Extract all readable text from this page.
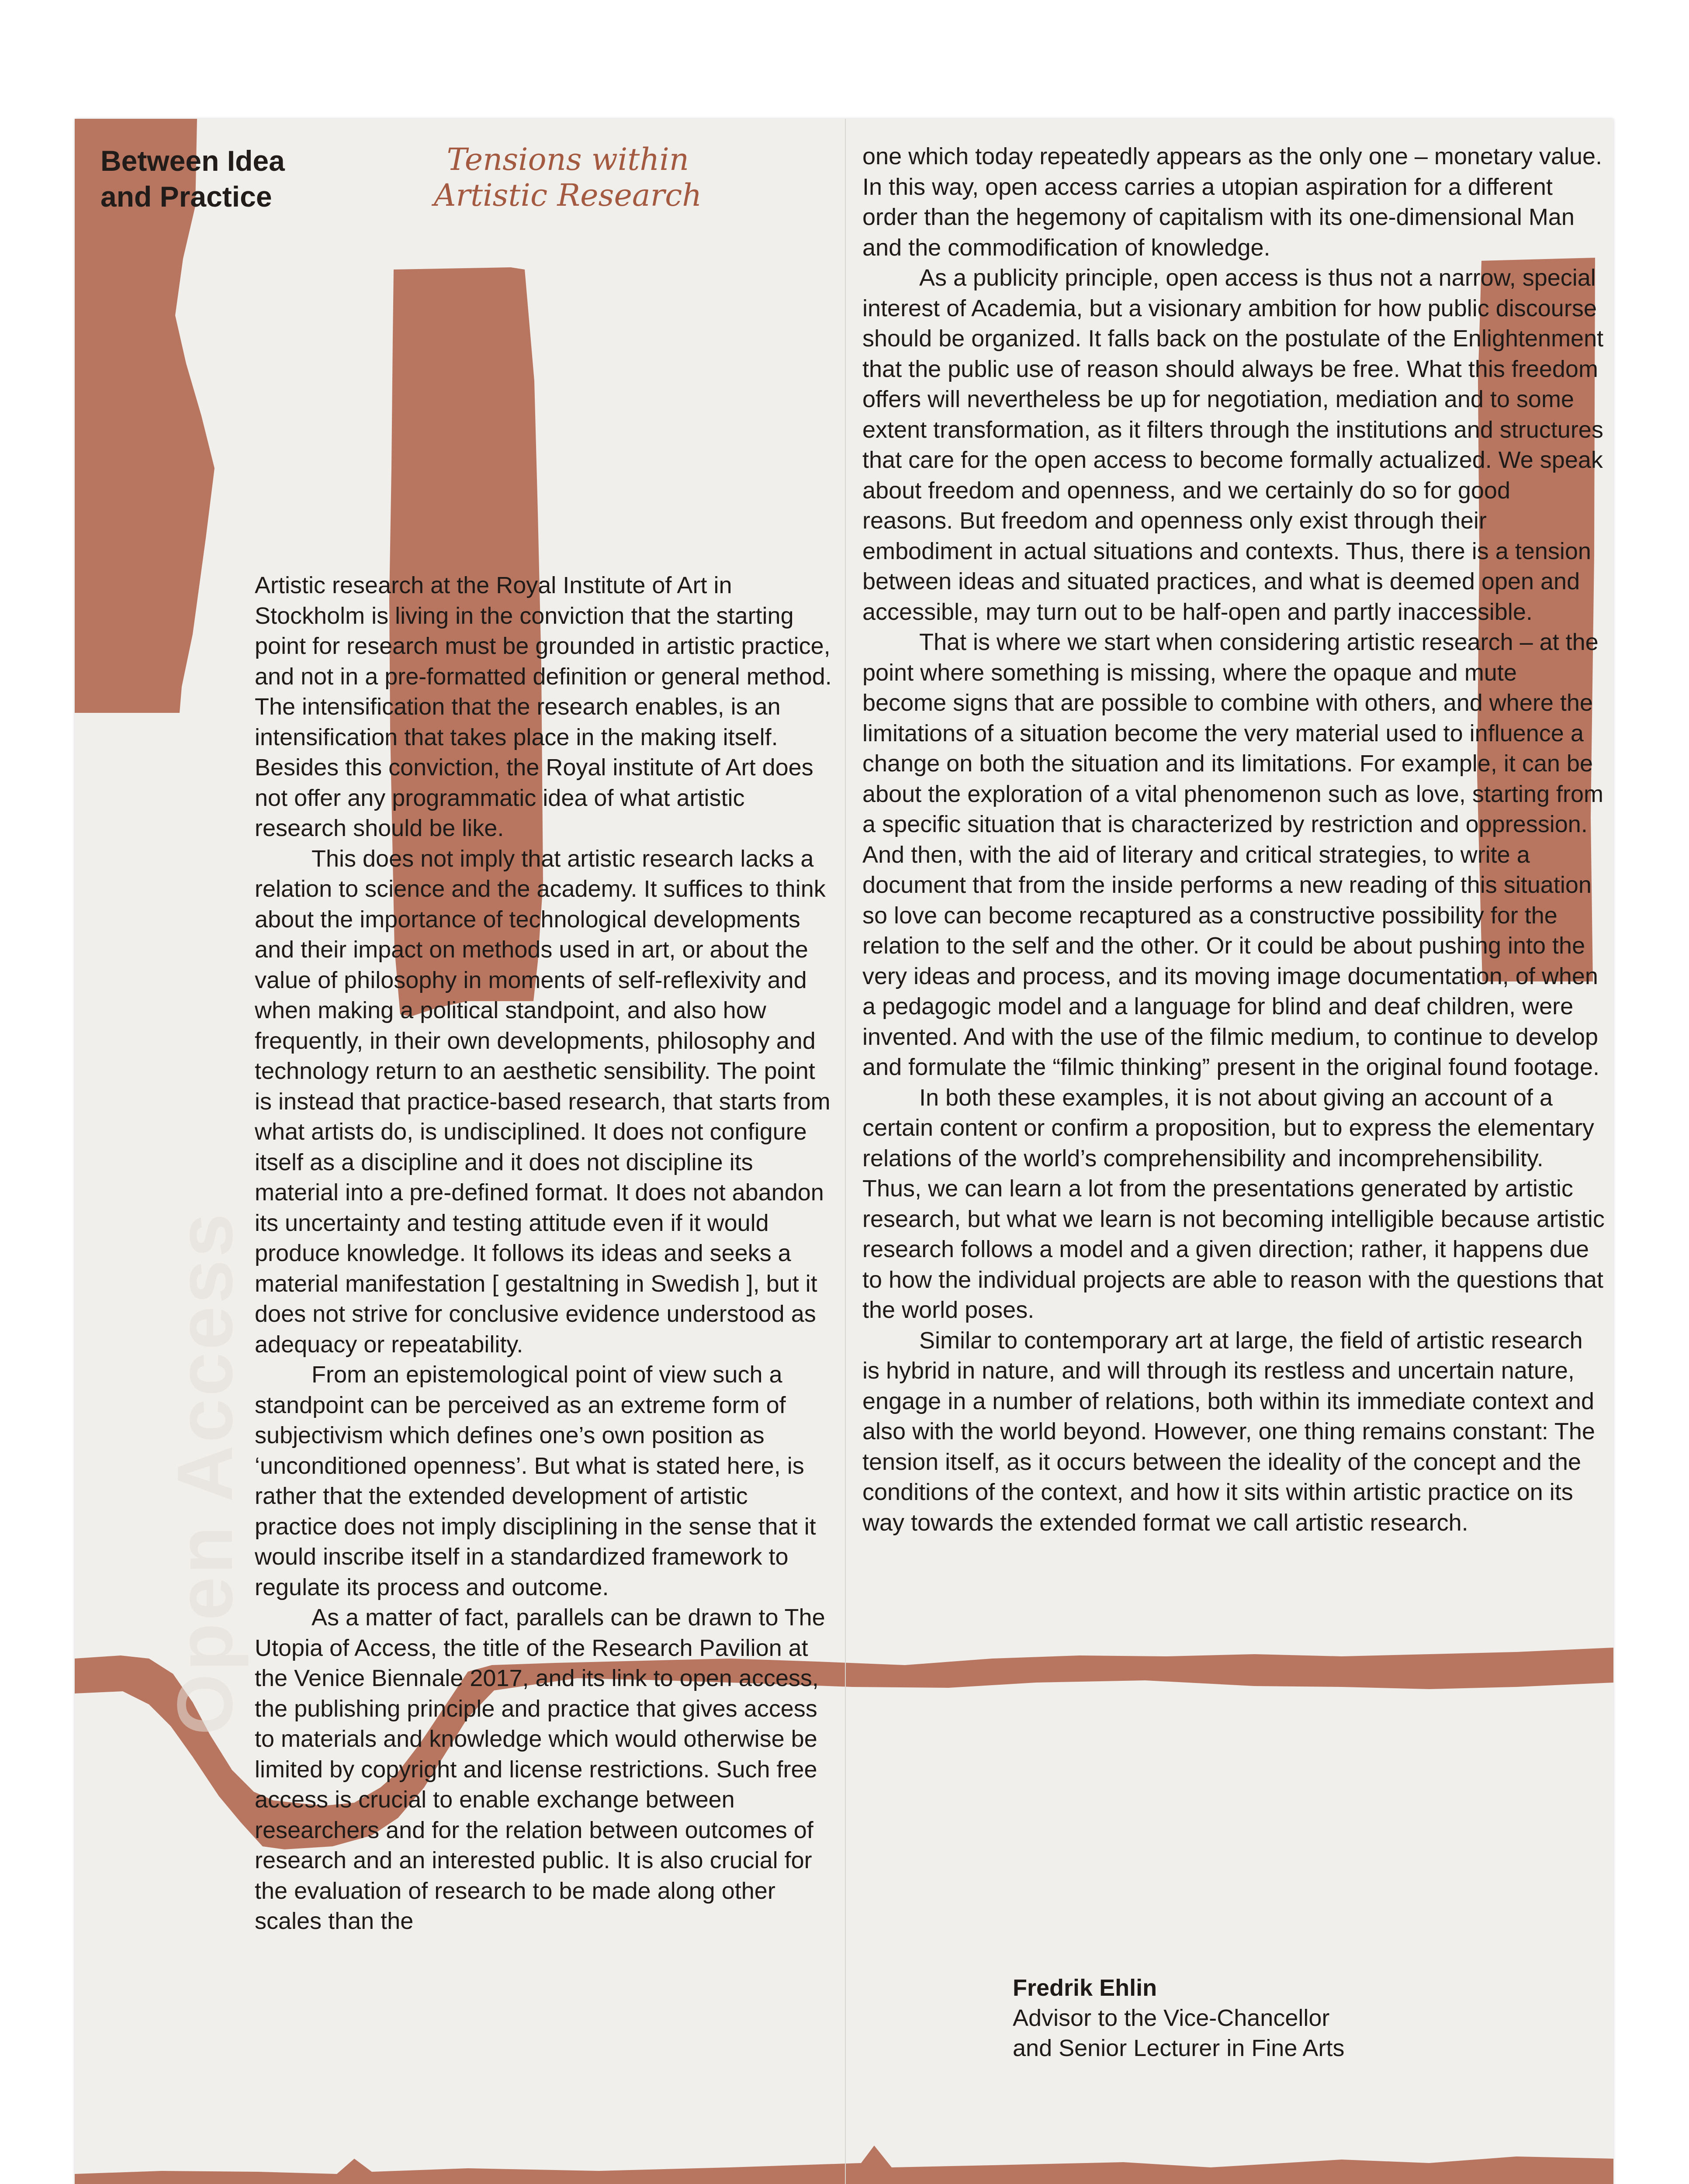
Open Access
Between Idea
and Practice
Tensions within
Artistic Research

Artistic research at the Royal Institute of Art in Stockholm is living in the conviction that the starting point for research must be grounded in artistic practice, and not in a pre-formatted definition or general method. The intensification that the research enables, is an intensification that takes place in the making itself. Besides this conviction, the Royal institute of Art does not offer any programmatic idea of what artistic research should be like.

This does not imply that artistic research lacks a relation to science and the academy. It suffices to think about the importance of technological developments and their impact on methods used in art, or about the value of philosophy in moments of self-reflexivity and when making a political standpoint, and also how frequently, in their own developments, philosophy and technology return to an aesthetic sensibility. The point is instead that practice-based research, that starts from what artists do, is undisciplined. It does not configure itself as a discipline and it does not discipline its material into a pre-defined format. It does not abandon its uncertainty and testing attitude even if it would produce knowledge. It follows its ideas and seeks a material manifestation [ gestaltning in Swedish ], but it does not strive for conclusive evidence understood as adequacy or repeatability.

From an epistemological point of view such a standpoint can be perceived as an extreme form of subjectivism which defines one’s own position as ‘unconditioned openness’. But what is stated here, is rather that the extended development of artistic practice does not imply disciplining in the sense that it would inscribe itself in a standardized framework to regulate its process and outcome.

As a matter of fact, parallels can be drawn to The Utopia of Access, the title of the Research Pavilion at the Venice Biennale 2017, and its link to open access, the publishing principle and practice that gives access to materials and knowledge which would otherwise be limited by copyright and license restrictions. Such free access is crucial to enable exchange between researchers and for the relation between outcomes of research and an interested public. It is also crucial for the evaluation of research to be made along other scales than the

one which today repeatedly appears as the only one – monetary value. In this way, open access carries a utopian aspiration for a different order than the hegemony of capitalism with its one-dimensional Man and the commodification of knowledge.

As a publicity principle, open access is thus not a narrow, special interest of Academia, but a visionary ambition for how public discourse should be organized. It falls back on the postulate of the Enlightenment that the public use of reason should always be free. What this freedom offers will nevertheless be up for negotiation, mediation and to some extent transformation, as it filters through the institutions and structures that care for the open access to become formally actualized. We speak about freedom and openness, and we certainly do so for good reasons. But freedom and openness only exist through their embodiment in actual situations and contexts. Thus, there is a tension between ideas and situated practices, and what is deemed open and accessible, may turn out to be half-open and partly inaccessible.

That is where we start when considering artistic research – at the point where something is missing, where the opaque and mute become signs that are possible to combine with others, and where the limitations of a situation become the very material used to influence a change on both the situation and its limitations. For example, it can be about the exploration of a vital phenomenon such as love, starting from a specific situation that is characterized by restriction and oppression. And then, with the aid of literary and critical strategies, to write a document that from the inside performs a new reading of this situation so love can become recaptured as a constructive possibility for the relation to the self and the other. Or it could be about pushing into the very ideas and process, and its moving image documentation, of when a pedagogic model and a language for blind and deaf children, were invented. And with the use of the filmic medium, to continue to develop and formulate the “filmic thinking” present in the original found footage.

In both these examples, it is not about giving an account of a certain content or confirm a proposition, but to express the elementary relations of the world’s comprehensibility and incomprehensibility. Thus, we can learn a lot from the presentations generated by artistic research, but what we learn is not becoming intelligible because artistic research follows a model and a given direction; rather, it happens due to how the individual projects are able to reason with the questions that the world poses.

Similar to contemporary art at large, the field of artistic research is hybrid in nature, and will through its restless and uncertain nature, engage in a number of relations, both within its immediate context and also with the world beyond. However, one thing remains constant: The tension itself, as it occurs between the ideality of the concept and the conditions of the context, and how it sits within artistic practice on its way towards the extended format we call artistic research.

Fredrik Ehlin
Advisor to the Vice-Chancellor
and Senior Lecturer in Fine Arts
